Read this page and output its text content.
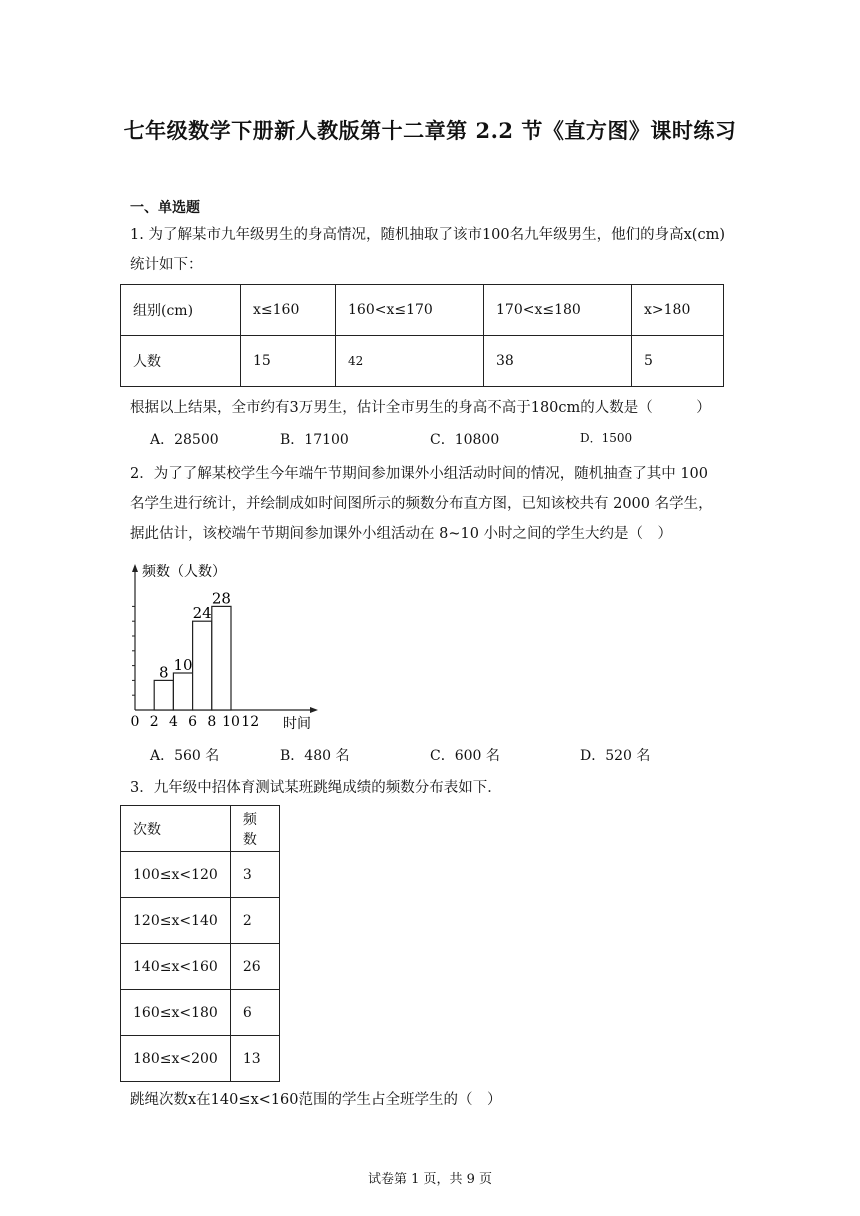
七年级数学下册新人教版第十二章第 2.2 节《直方图》课时练习
一、单选题
1. 为了解某市九年级男生的身高情况，随机抽取了该市100名九年级男生，他们的身高x(cm)
统计如下：
组别(cm)	x≤160	160<x≤170	170<x≤180	x>180
人数	15	42	38	5
根据以上结果，全市约有3万男生，估计全市男生的身高不高于180cm的人数是（　　　）
A．28500	B．17100	C．10800	D．1500
2．为了了解某校学生今年端午节期间参加课外小组活动时间的情况，随机抽查了其中 100
名学生进行统计，并绘制成如时间图所示的频数分布直方图，已知该校共有 2000 名学生，
据此估计，该校端午节期间参加课外小组活动在 8~10 小时之间的学生大约是（　）
8 10
24
28
0 2 4 6 8 10 12
频数（人数）
时间
A．560 名	B．480 名	C．600 名	D．520 名
3．九年级中招体育测试某班跳绳成绩的频数分布表如下．
次数	频数
100≤x<120	3
120≤x<140	2
140≤x<160	26
160≤x<180	6
180≤x<200	13
跳绳次数x在140≤x<160范围的学生占全班学生的（　）
试卷第 1 页，共 9 页
